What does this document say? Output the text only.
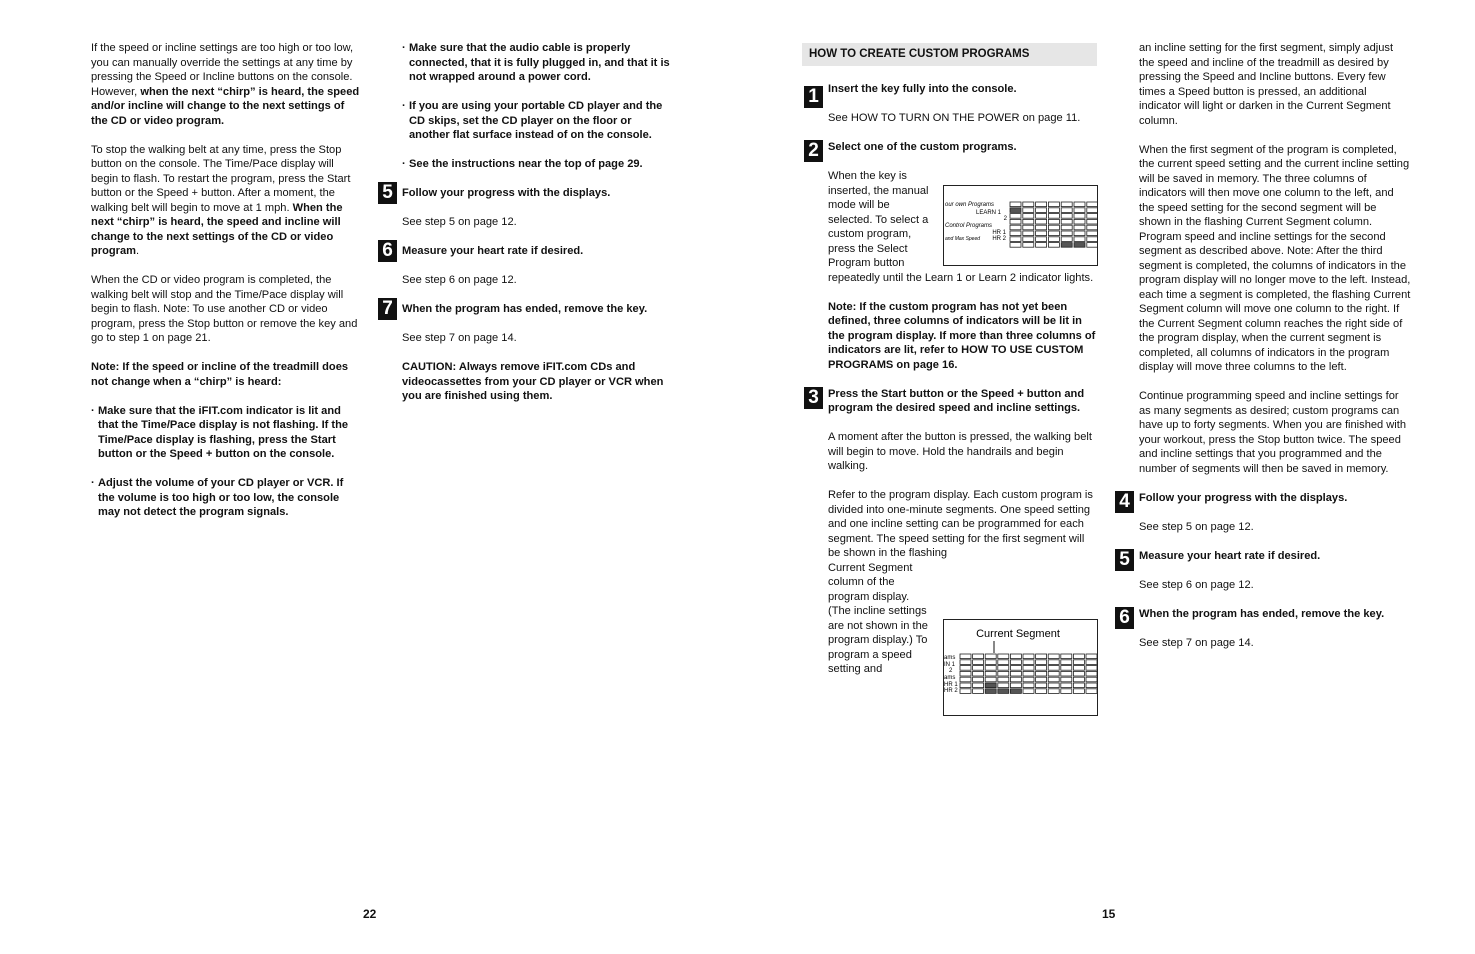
If the speed or incline settings are too high or too low, you can manually override the settings at any time by pressing the Speed or Incline buttons on the console. However, when the next “chirp” is heard, the speed and/or incline will change to the next settings of the CD or video program.

To stop the walking belt at any time, press the Stop button on the console. The Time/Pace display will begin to flash. To restart the program, press the Start button or the Speed + button. After a moment, the walking belt will begin to move at 1 mph. When the next “chirp” is heard, the speed and incline will change to the next settings of the CD or video program.

When the CD or video program is completed, the walking belt will stop and the Time/Pace display will begin to flash. Note: To use another CD or video program, press the Stop button or remove the key and go to step 1 on page 21.

Note: If the speed or incline of the treadmill does not change when a “chirp” is heard:

· Make sure that the iFIT.com indicator is lit and that the Time/Pace display is not flashing. If the Time/Pace display is flashing, press the Start button or the Speed + button on the console.
· Adjust the volume of your CD player or VCR. If the volume is too high or too low, the console may not detect the program signals.
· Make sure that the audio cable is properly connected, that it is fully plugged in, and that it is not wrapped around a power cord.
· If you are using your portable CD player and the CD skips, set the CD player on the floor or another flat surface instead of on the console.
· See the instructions near the top of page 29.
5 Follow your progress with the displays.

See step 5 on page 12.

6 Measure your heart rate if desired.

See step 6 on page 12.

7 When the program has ended, remove the key.

See step 7 on page 14.

CAUTION: Always remove iFIT.com CDs and videocassettes from your CD player or VCR when you are finished using them.

22
HOW TO CREATE CUSTOM PROGRAMS
1 Insert the key fully into the console.

See HOW TO TURN ON THE POWER on page 11.

2 Select one of the custom programs.

When the key is inserted, the manual mode will be selected. To select a custom program, press the Select Program button

repeatedly until the Learn 1 or Learn 2 indicator lights.

Note: If the custom program has not yet been defined, three columns of indicators will be lit in the program display. If more than three columns of indicators are lit, refer to HOW TO USE CUSTOM PROGRAMS on page 16.

3 Press the Start button or the Speed + button and program the desired speed and incline settings.

A moment after the button is pressed, the walking belt will begin to move. Hold the handrails and begin walking.

Refer to the program display. Each custom program is divided into one-minute segments. One speed setting and one incline setting can be programmed for each segment. The speed setting for the first segment will be shown in the flashing

Current Segment column of the program display. (The incline settings are not shown in the program display.) To program a speed setting and

our own Programs
LEARN 1
2
Control Programs
HR 1
HR 2
and Max Speed
Current Segment
ams
IN 1
2
ams
HR 1
HR 2

an incline setting for the first segment, simply adjust the speed and incline of the treadmill as desired by pressing the Speed and Incline buttons. Every few times a Speed button is pressed, an additional indicator will light or darken in the Current Segment column.

When the first segment of the program is completed, the current speed setting and the current incline setting will be saved in memory. The three columns of indicators will then move one column to the left, and the speed setting for the second segment will be shown in the flashing Current Segment column. Program speed and incline settings for the second segment as described above. Note: After the third segment is completed, the columns of indicators in the program display will no longer move to the left. Instead, each time a segment is completed, the flashing Current Segment column will move one column to the right. If the Current Segment column reaches the right side of the program display, when the current segment is completed, all columns of indicators in the program display will move three columns to the left.

Continue programming speed and incline settings for as many segments as desired; custom programs can have up to forty segments. When you are finished with your workout, press the Stop button twice. The speed and incline settings that you programmed and the number of segments will then be saved in memory.

4 Follow your progress with the displays.

See step 5 on page 12.

5 Measure your heart rate if desired.

See step 6 on page 12.

6 When the program has ended, remove the key.

See step 7 on page 14.

15
